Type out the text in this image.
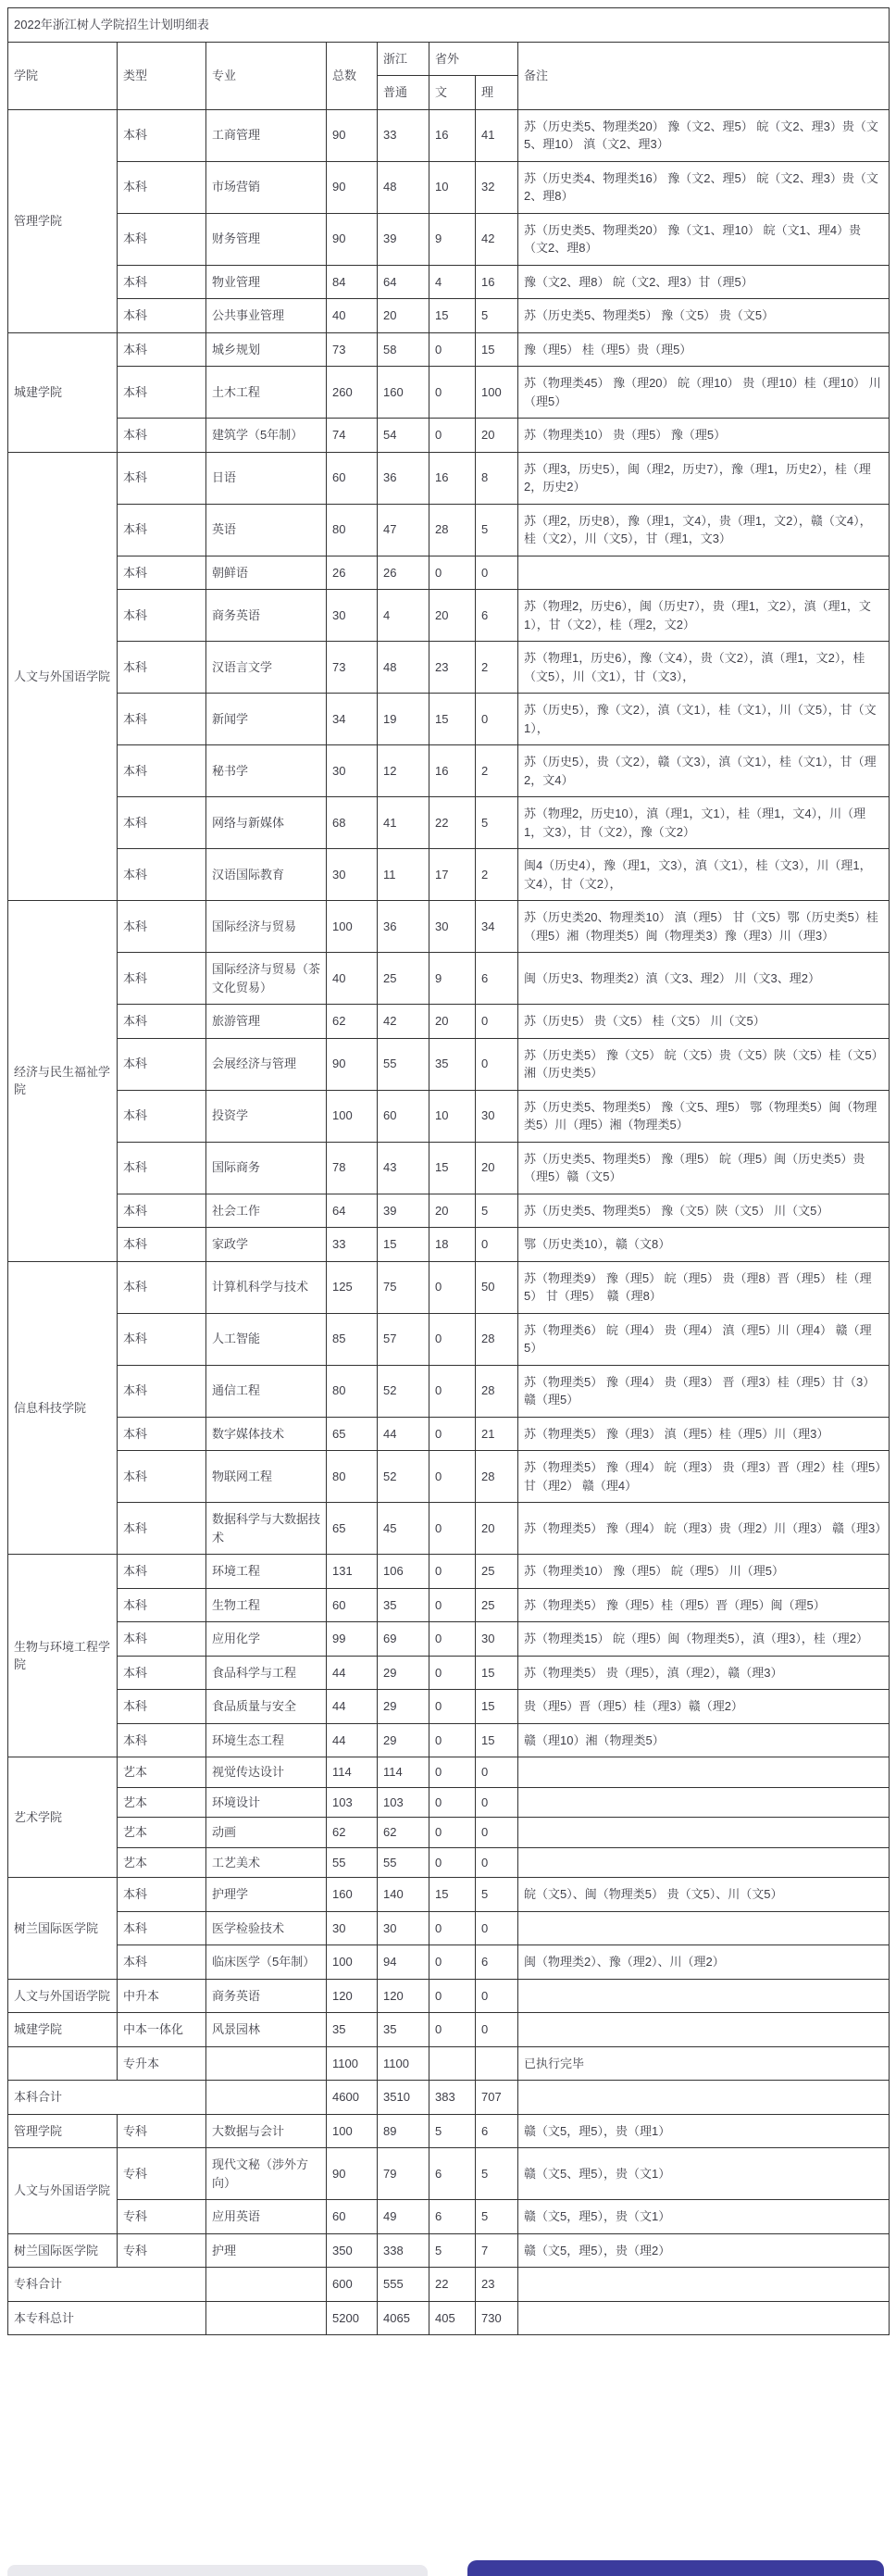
2022年浙江树人学院招生计划明细表							
学院	类型	专业	总数	浙江	省外		备注
				普通	文	理	
管理学院	本科	工商管理	90	33	16	41	苏（历史类5、物理类20） 豫（文2、理5） 皖（文2、理3）贵（文5、理10） 滇（文2、理3）
	本科	市场营销	90	48	10	32	苏（历史类4、物理类16） 豫（文2、理5） 皖（文2、理3）贵（文2、理8）
	本科	财务管理	90	39	9	42	苏（历史类5、物理类20） 豫（文1、理10） 皖（文1、理4）贵（文2、理8）
	本科	物业管理	84	64	4	16	豫（文2、理8） 皖（文2、理3）甘（理5）
	本科	公共事业管理	40	20	15	5	苏（历史类5、物理类5） 豫（文5） 贵（文5）
城建学院	本科	城乡规划	73	58	0	15	豫（理5） 桂（理5）贵（理5）
	本科	土木工程	260	160	0	100	苏（物理类45） 豫（理20） 皖（理10） 贵（理10）桂（理10） 川（理5）
	本科	建筑学（5年制）	74	54	0	20	苏（物理类10） 贵（理5） 豫（理5）
人文与外国语学院	本科	日语	60	36	16	8	苏（理3，历史5），闽（理2，历史7），豫（理1，历史2），桂（理2，历史2）
	本科	英语	80	47	28	5	苏（理2，历史8），豫（理1，文4），贵（理1，文2），赣（文4），桂（文2），川（文5），甘（理1，文3）
	本科	朝鲜语	26	26	0	0	
	本科	商务英语	30	4	20	6	苏（物理2，历史6），闽（历史7），贵（理1，文2），滇（理1，文1），甘（文2），桂（理2，文2）
	本科	汉语言文学	73	48	23	2	苏（物理1，历史6），豫（文4），贵（文2），滇（理1，文2），桂（文5），川（文1），甘（文3），
	本科	新闻学	34	19	15	0	苏（历史5），豫（文2），滇（文1），桂（文1），川（文5），甘（文1），
	本科	秘书学	30	12	16	2	苏（历史5），贵（文2），赣（文3），滇（文1），桂（文1），甘（理2，文4）
	本科	网络与新媒体	68	41	22	5	苏（物理2，历史10），滇（理1，文1），桂（理1，文4），川（理1，文3），甘（文2），豫（文2）
	本科	汉语国际教育	30	11	17	2	闽4（历史4），豫（理1，文3），滇（文1），桂（文3），川（理1，文4），甘（文2），
经济与民生福祉学院	本科	国际经济与贸易	100	36	30	34	苏（历史类20、物理类10） 滇（理5） 甘（文5）鄂（历史类5）桂（理5）湘（物理类5）闽（物理类3）豫（理3）川（理3）
	本科	国际经济与贸易（茶文化贸易）	40	25	9	6	闽（历史3、物理类2）滇（文3、理2） 川（文3、理2）
	本科	旅游管理	62	42	20	0	苏（历史5） 贵（文5） 桂（文5） 川（文5）
	本科	会展经济与管理	90	55	35	0	苏（历史类5） 豫（文5） 皖（文5）贵（文5）陕（文5）桂（文5）湘（历史类5）
	本科	投资学	100	60	10	30	苏（历史类5、物理类5） 豫（文5、理5） 鄂（物理类5）闽（物理类5）川（理5）湘（物理类5）
	本科	国际商务	78	43	15	20	苏（历史类5、物理类5） 豫（理5） 皖（理5）闽（历史类5）贵（理5）赣（文5）
	本科	社会工作	64	39	20	5	苏（历史类5、物理类5） 豫（文5）陕（文5） 川（文5）
	本科	家政学	33	15	18	0	鄂（历史类10），赣（文8）
信息科技学院	本科	计算机科学与技术	125	75	0	50	苏（物理类9） 豫（理5） 皖（理5） 贵（理8）晋（理5） 桂（理5） 甘（理5）　赣（理8）
	本科	人工智能	85	57	0	28	苏（物理类6） 皖（理4） 贵（理4） 滇（理5）川（理4） 赣（理5）
	本科	通信工程	80	52	0	28	苏（物理类5） 豫（理4） 贵（理3） 晋（理3）桂（理5）甘（3） 赣（理5）
	本科	数字媒体技术	65	44	0	21	苏（物理类5） 豫（理3） 滇（理5）桂（理5）川（理3）
	本科	物联网工程	80	52	0	28	苏（物理类5） 豫（理4） 皖（理3） 贵（理3）晋（理2）桂（理5）甘（理2） 赣（理4）
	本科	数据科学与大数据技术	65	45	0	20	苏（物理类5） 豫（理4） 皖（理3）贵（理2）川（理3） 赣（理3）
生物与环境工程学院	本科	环境工程	131	106	0	25	苏（物理类10） 豫（理5） 皖（理5） 川（理5）
	本科	生物工程	60	35	0	25	苏（物理类5） 豫（理5）桂（理5）晋（理5）闽（理5）
	本科	应用化学	99	69	0	30	苏（物理类15） 皖（理5）闽（物理类5），滇（理3），桂（理2）
	本科	食品科学与工程	44	29	0	15	苏（物理类5） 贵（理5），滇（理2），赣（理3）
	本科	食品质量与安全	44	29	0	15	贵（理5）晋（理5）桂（理3）赣（理2）
	本科	环境生态工程	44	29	0	15	赣（理10）湘（物理类5）
艺术学院	艺本	视觉传达设计	114	114	0	0	
	艺本	环境设计	103	103	0	0	
	艺本	动画	62	62	0	0	
	艺本	工艺美术	55	55	0	0	
树兰国际医学院	本科	护理学	160	140	15	5	皖（文5）、闽（物理类5） 贵（文5）、川（文5）
	本科	医学检验技术	30	30	0	0	
	本科	临床医学（5年制）	100	94	0	6	闽（物理类2）、豫（理2）、川（理2）
人文与外国语学院	中升本	商务英语	120	120	0	0	
城建学院	中本一体化	风景园林	35	35	0	0	
	专升本		1100	1100			已执行完毕
本科合计			4600	3510	383	707	
管理学院	专科	大数据与会计	100	89	5	6	赣（文5，理5），贵（理1）
人文与外国语学院	专科	现代文秘（涉外方向）	90	79	6	5	赣（文5、理5），贵（文1）
	专科	应用英语	60	49	6	5	赣（文5，理5），贵（文1）
树兰国际医学院	专科	护理	350	338	5	7	赣（文5，理5），贵（理2）
专科合计			600	555	22	23	
本专科总计			5200	4065	405	730	
